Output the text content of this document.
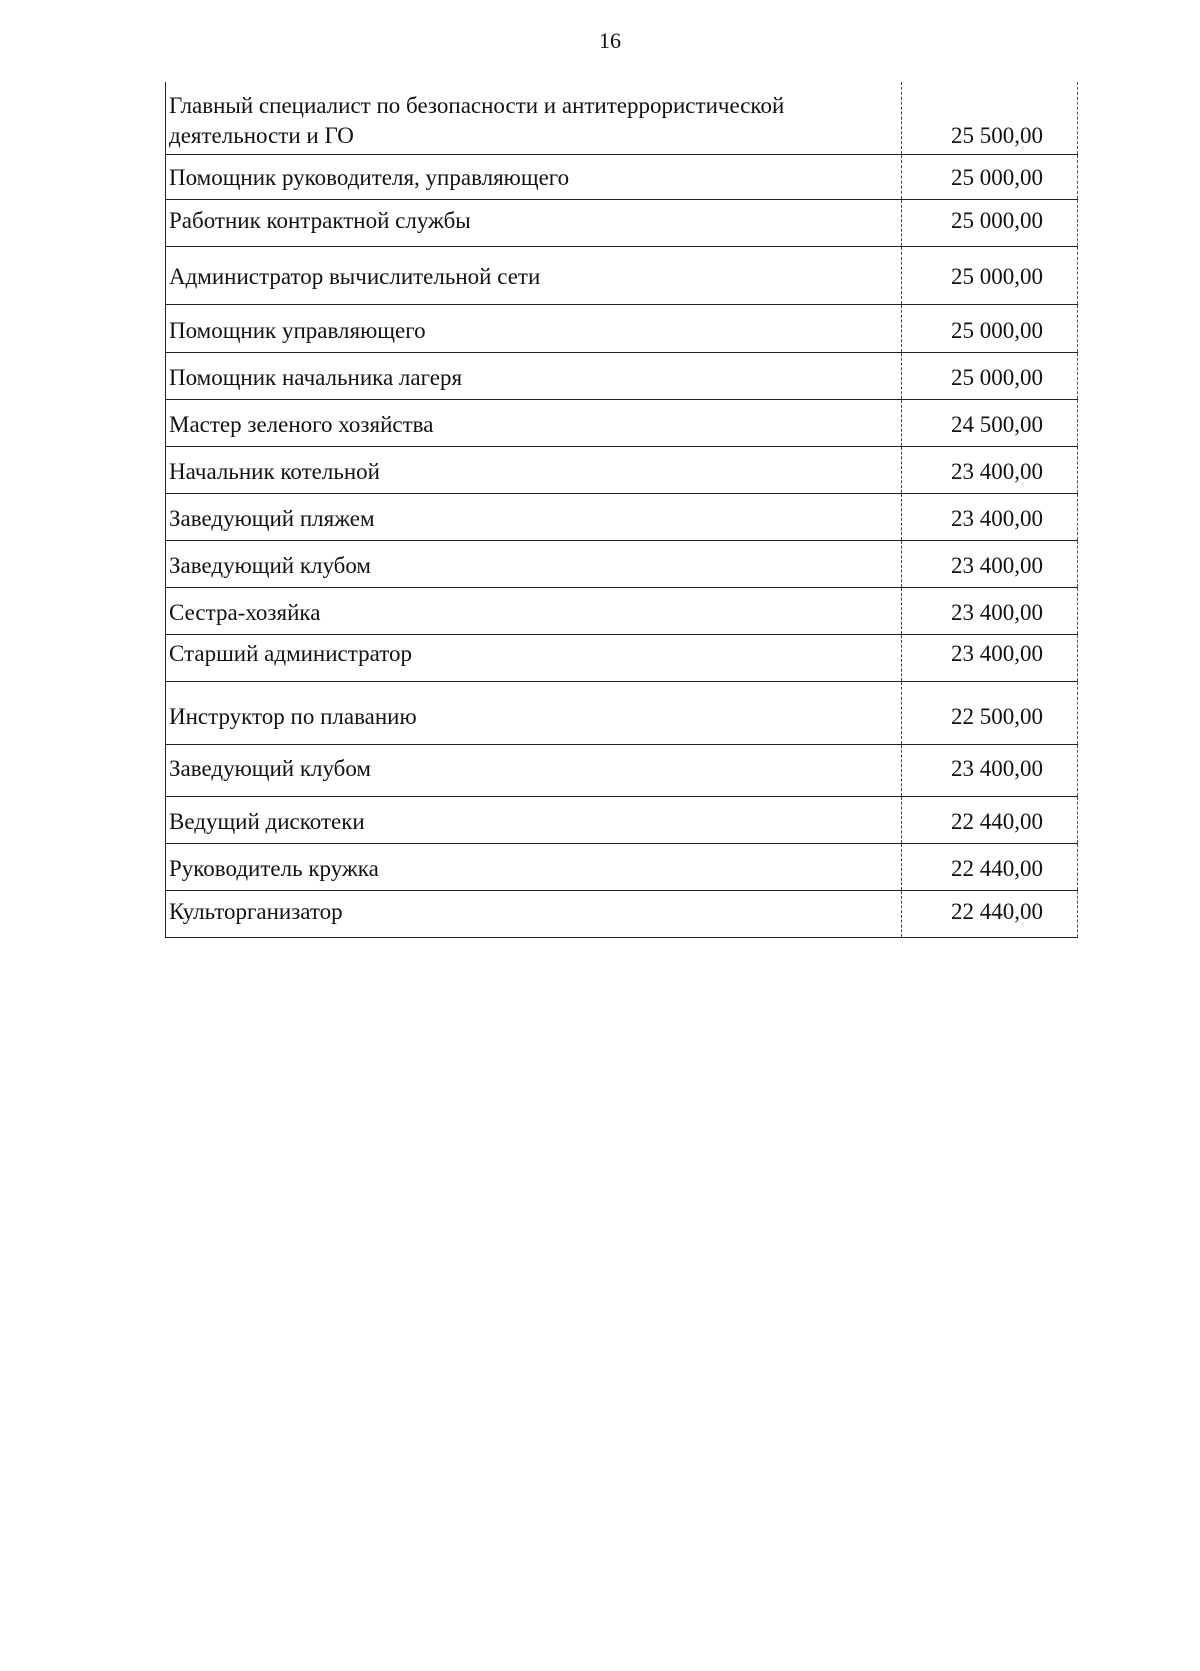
16
Главный специалист по безопасности и антитеррористической деятельности и ГО	25 500,00
Помощник руководителя, управляющего	25 000,00
Работник контрактной службы	25 000,00
Администратор вычислительной сети	25 000,00
Помощник управляющего	25 000,00
Помощник начальника лагеря	25 000,00
Мастер зеленого хозяйства	24 500,00
Начальник котельной	23 400,00
Заведующий пляжем	23 400,00
Заведующий клубом	23 400,00
Сестра-хозяйка	23 400,00
Старший администратор	23 400,00
Инструктор по плаванию	22 500,00
Заведующий клубом	23 400,00
Ведущий дискотеки	22 440,00
Руководитель кружка	22 440,00
Культорганизатор	22 440,00
